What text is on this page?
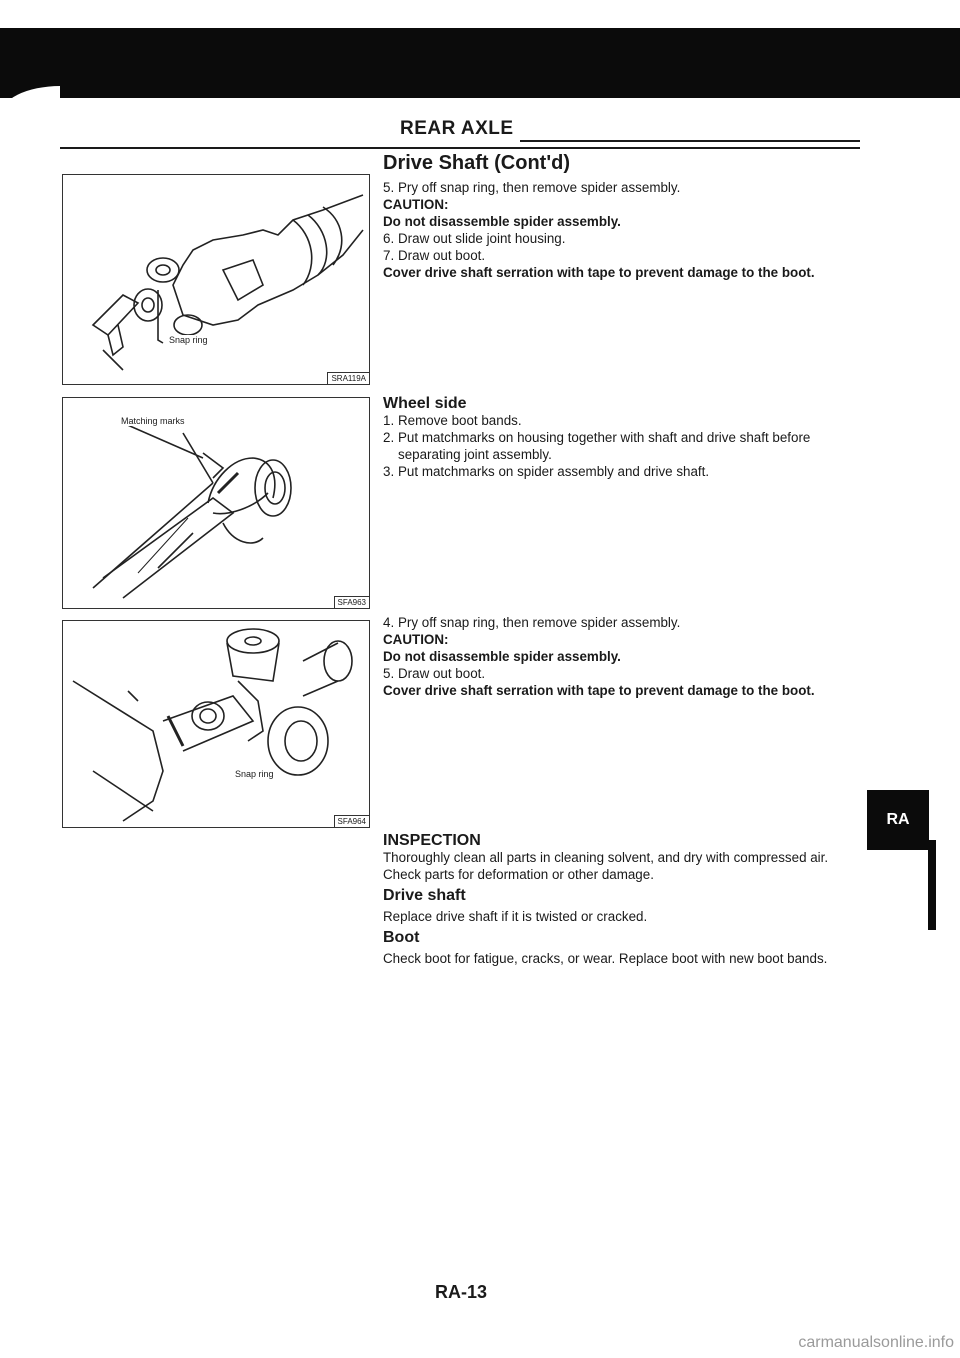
REAR AXLE
Drive Shaft (Cont'd)
Snap ring
SRA119A
Matching marks
SFA963
Snap ring
SFA964
5. Pry off snap ring, then remove spider assembly.

CAUTION:

Do not disassemble spider assembly.

6. Draw out slide joint housing.
7. Draw out boot.

Cover drive shaft serration with tape to prevent damage to the boot.

Wheel side

1. Remove boot bands.
2. Put matchmarks on housing together with shaft and drive shaft before separating joint assembly.
3. Put matchmarks on spider assembly and drive shaft.
4. Pry off snap ring, then remove spider assembly.

CAUTION:

Do not disassemble spider assembly.

5. Draw out boot.

Cover drive shaft serration with tape to prevent damage to the boot.

INSPECTION

Thoroughly clean all parts in cleaning solvent, and dry with compressed air. Check parts for deformation or other damage.

Drive shaft

Replace drive shaft if it is twisted or cracked.

Boot

Check boot for fatigue, cracks, or wear. Replace boot with new boot bands.

RA
RA-13
carmanualsonline.info
